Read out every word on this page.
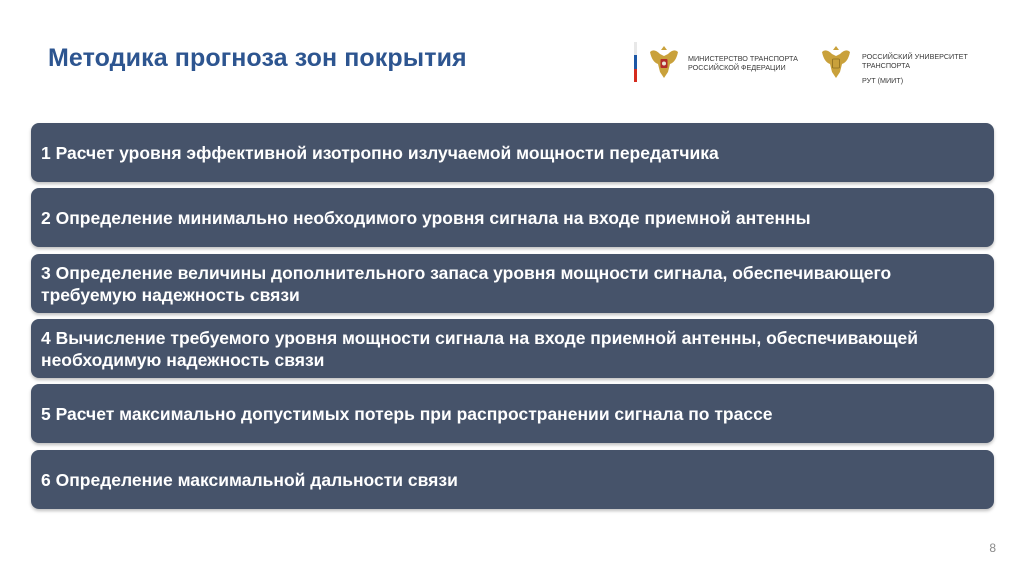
Методика прогноза зон покрытия	МИНИСТЕРСТВО ТРАНСПОРТА
РОССИЙСКОЙ ФЕДЕРАЦИИ
РОССИЙСКИЙ УНИВЕРСИТЕТ
ТРАНСПОРТА
РУТ (МИИТ)
1 Расчет уровня эффективной изотропно излучаемой мощности передатчика
2 Определение минимально необходимого уровня сигнала на входе приемной антенны
3 Определение величины дополнительного запаса уровня мощности сигнала, обеспечивающего требуемую надежность связи
4 Вычисление требуемого уровня мощности сигнала на входе приемной антенны, обеспечивающей необходимую надежность связи
5 Расчет максимально допустимых потерь при распространении сигнала по трассе
6 Определение максимальной дальности связи
8
